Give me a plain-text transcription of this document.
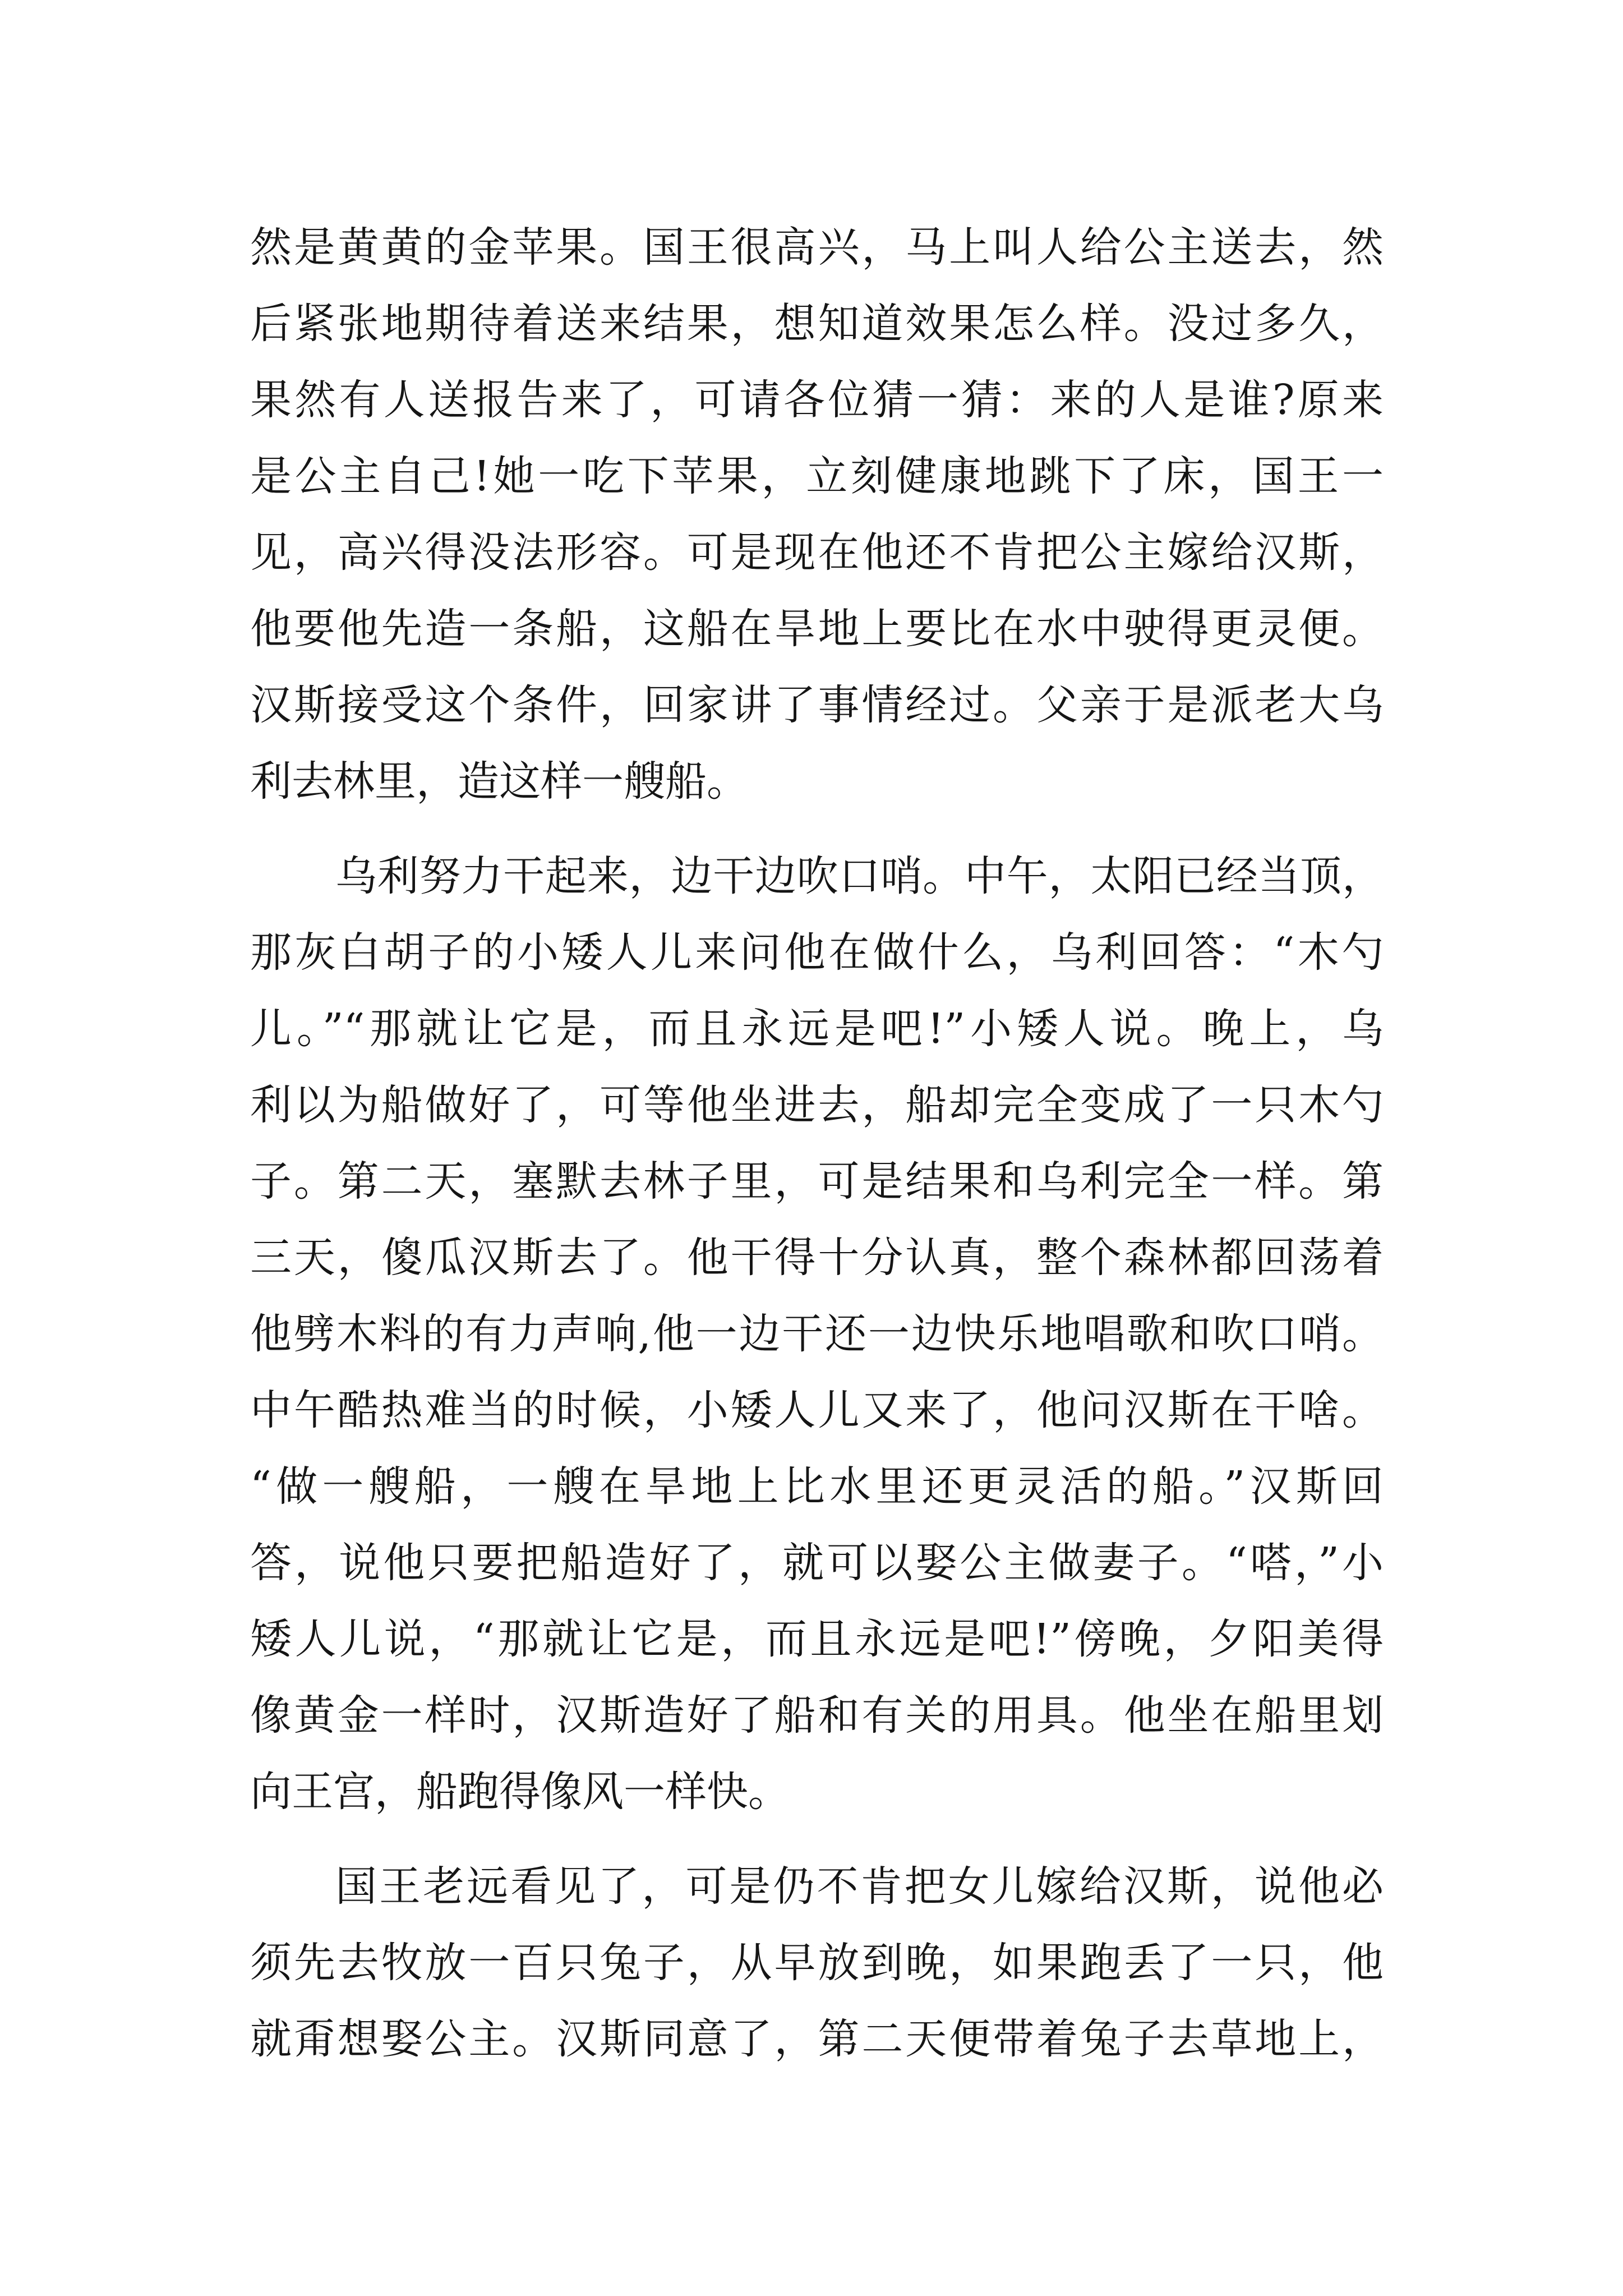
然是黄黄的金苹果。国王很高兴，马上叫人给公主送去，然
后紧张地期待着送来结果，想知道效果怎么样。没过多久，
果然有人送报告来了，可请各位猜一猜：来的人是谁?原来
是公主自己!她一吃下苹果，立刻健康地跳下了床，国王一
见，高兴得没法形容。可是现在他还不肯把公主嫁给汉斯，
他要他先造一条船，这船在旱地上要比在水中驶得更灵便。
汉斯接受这个条件，回家讲了事情经过。父亲于是派老大乌
利去林里，造这样一艘船。
乌利努力干起来，边干边吹口哨。中午，太阳已经当顶，
那灰白胡子的小矮人儿来问他在做什么，乌利回答：“木勺
儿。”“那就让它是，而且永远是吧!”小矮人说。晚上，乌
利以为船做好了，可等他坐进去，船却完全变成了一只木勺
子。第二天，塞默去林子里，可是结果和乌利完全一样。第
三天，傻瓜汉斯去了。他干得十分认真，整个森林都回荡着
他劈木料的有力声响,他一边干还一边快乐地唱歌和吹口哨。
中午酷热难当的时候，小矮人儿又来了，他问汉斯在干啥。
“做一艘船，一艘在旱地上比水里还更灵活的船。”汉斯回
答，说他只要把船造好了，就可以娶公主做妻子。“嗒，”小
矮人儿说，“那就让它是，而且永远是吧!”傍晚，夕阳美得
像黄金一样时，汉斯造好了船和有关的用具。他坐在船里划
向王宫，船跑得像风一样快。
国王老远看见了，可是仍不肯把女儿嫁给汉斯，说他必
须先去牧放一百只兔子，从早放到晚，如果跑丢了一只，他
就甭想娶公主。汉斯同意了，第二天便带着兔子去草地上，
